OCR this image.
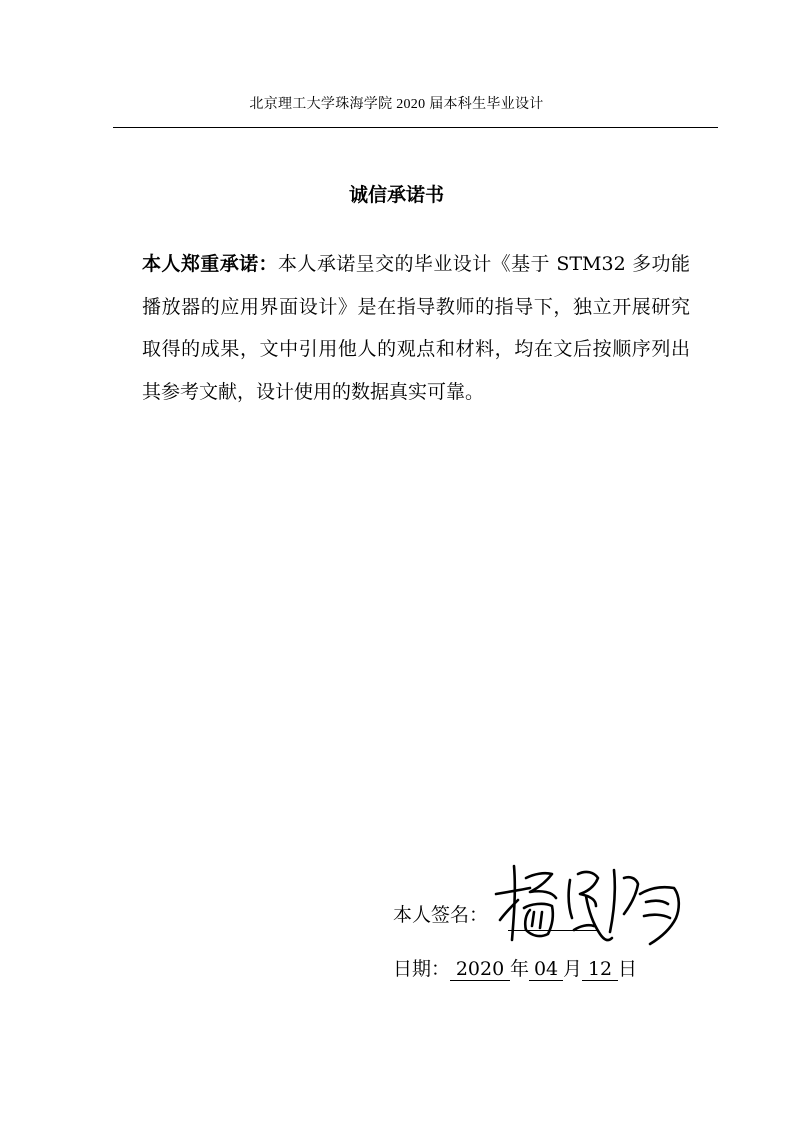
北京理工大学珠海学院 2020 届本科生毕业设计
诚信承诺书
本人郑重承诺：本人承诺呈交的毕业设计《基于 STM32 多功能播放器的应用界面设计》是在指导教师的指导下，独立开展研究取得的成果，文中引用他人的观点和材料，均在文后按顺序列出其参考文献，设计使用的数据真实可靠。
本人签名：
日期： 2020 年 04 月 12 日
